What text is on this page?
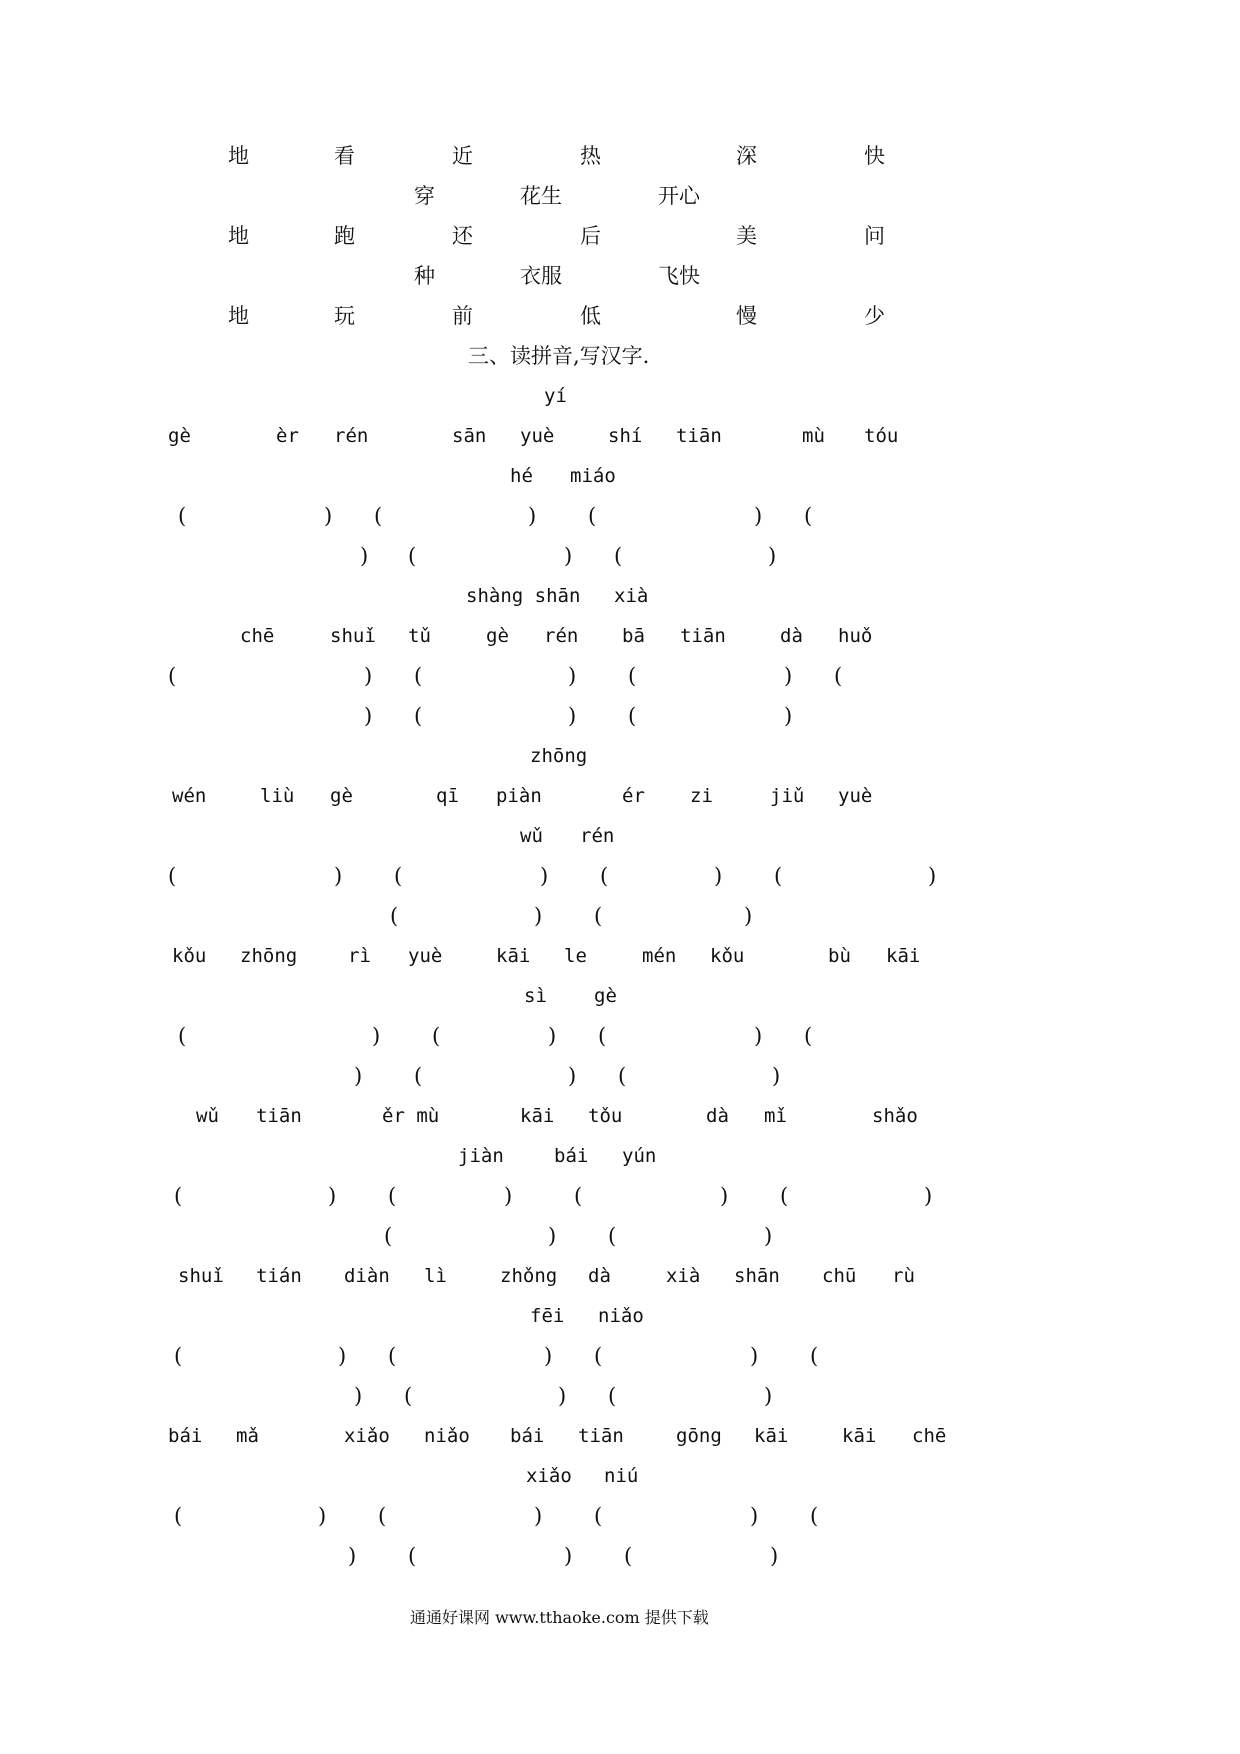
地	看	近	热	深	快
穿	花生	开心
地	跑	还	后	美	问
种	衣服	飞快
地	玩	前	低	慢	少
三、读拼音,写汉字.
yí
gè	èr rén	sān yuè	shí tiān	mù tóu
hé miáo
(	) (	) (	) (
) (	) (	)
shàng shān xià
chē	shuǐ tǔ	gè rén bā tiān	dà huǒ
(	) (	) (	) (
) (	) (	)
zhōng
wén	liù gè	qī piàn	ér zi	jiǔ yuè
wǔ rén
(	) (	) (	) (	)
(	) (	)
kǒu zhōng	rì yuè	kāi le	mén kǒu	bù kāi
sì gè
(	) (	) (	) (
) (	) (	)
wǔ tiān	ěr mù	kāi tǒu	dà mǐ	shǎo
jiàn	bái yún
(	) (	)	(	) (	)
(	) (	)
shuǐ tián diàn lì	zhǒng dà	xià shān chū rù
fēi niǎo
(	) (	) (	) (
) (	) (	)
bái mǎ	xiǎo niǎo bái tiān	gōng kāi	kāi chē
xiǎo niú
(	) (	) (	) (
) (	) (	)
通通好课网 www.tthaoke.com 提供下载
